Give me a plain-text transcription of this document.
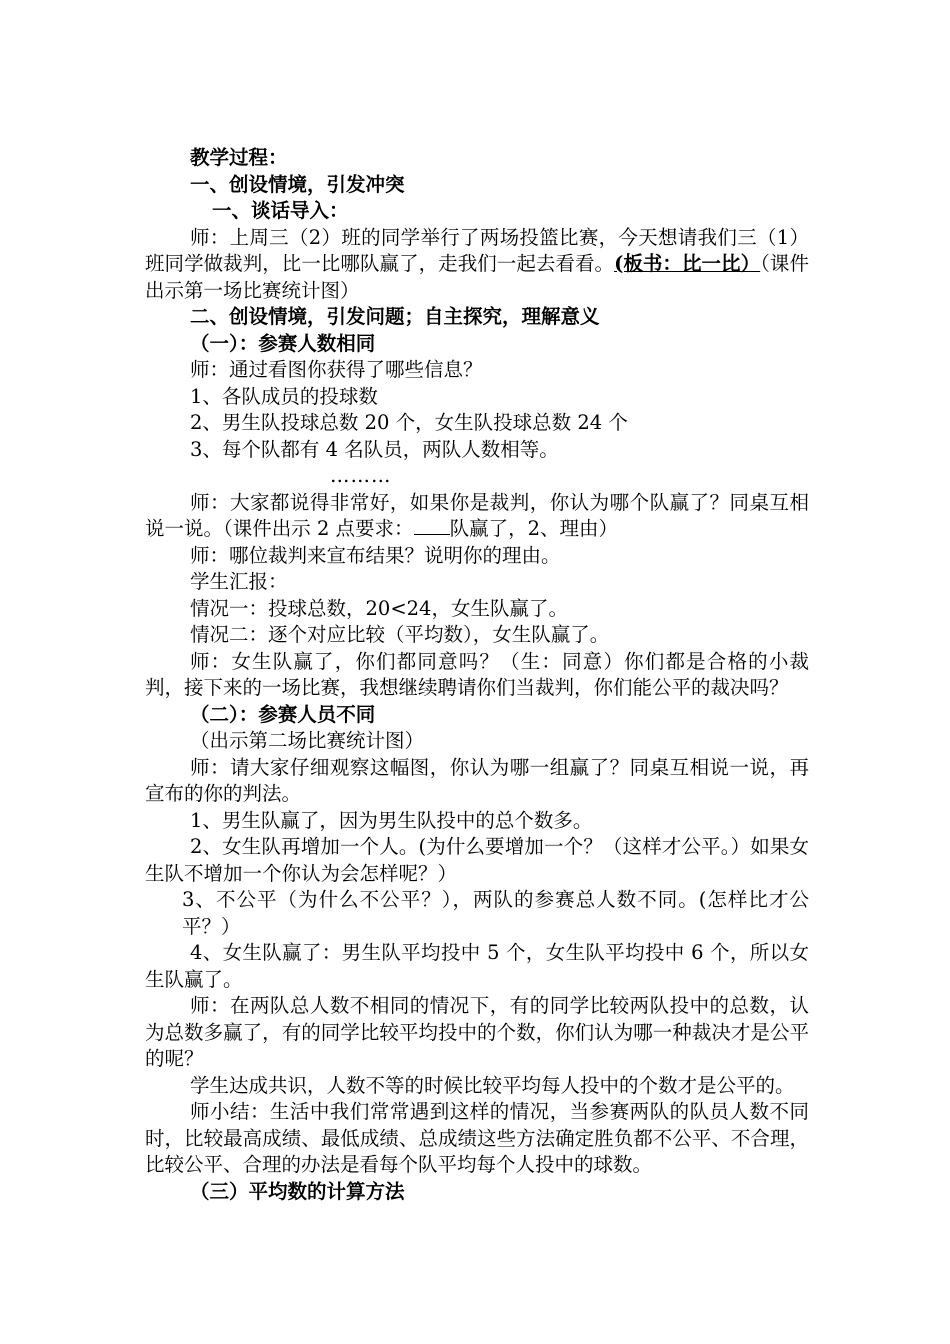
教学过程：

一、创设情境，引发冲突

一、谈话导入：

师：上周三（2）班的同学举行了两场投篮比赛，今天想请我们三（1）班同学做裁判，比一比哪队赢了，走我们一起去看看。(板书：比一比）（课件出示第一场比赛统计图）

二、创设情境，引发问题；自主探究，理解意义

（一）：参赛人数相同

师：通过看图你获得了哪些信息？

1、各队成员的投球数

2、男生队投球总数 20 个，女生队投球总数 24 个

3、每个队都有 4 名队员，两队人数相等。

………

师：大家都说得非常好，如果你是裁判，你认为哪个队赢了？同桌互相说一说。（课件出示 2 点要求： 队赢了，2、理由）

师：哪位裁判来宣布结果？说明你的理由。

学生汇报：

情况一：投球总数，20<24，女生队赢了。

情况二：逐个对应比较（平均数），女生队赢了。

师：女生队赢了，你们都同意吗？（生：同意）你们都是合格的小裁判，接下来的一场比赛，我想继续聘请你们当裁判，你们能公平的裁决吗？

（二）：参赛人员不同

（出示第二场比赛统计图）

师：请大家仔细观察这幅图，你认为哪一组赢了？同桌互相说一说，再宣布的你的判法。

1、男生队赢了，因为男生队投中的总个数多。

2、女生队再增加一个人。(为什么要增加一个？（这样才公平。）如果女生队不增加一个你认为会怎样呢？）

3、不公平（为什么不公平？），两队的参赛总人数不同。(怎样比才公平？）

4、女生队赢了：男生队平均投中 5 个，女生队平均投中 6 个，所以女生队赢了。

师：在两队总人数不相同的情况下，有的同学比较两队投中的总数，认为总数多赢了，有的同学比较平均投中的个数，你们认为哪一种裁决才是公平的呢？

学生达成共识，人数不等的时候比较平均每人投中的个数才是公平的。

师小结：生活中我们常常遇到这样的情况，当参赛两队的队员人数不同时，比较最高成绩、最低成绩、总成绩这些方法确定胜负都不公平、不合理，比较公平、合理的办法是看每个队平均每个人投中的球数。

（三）平均数的计算方法
